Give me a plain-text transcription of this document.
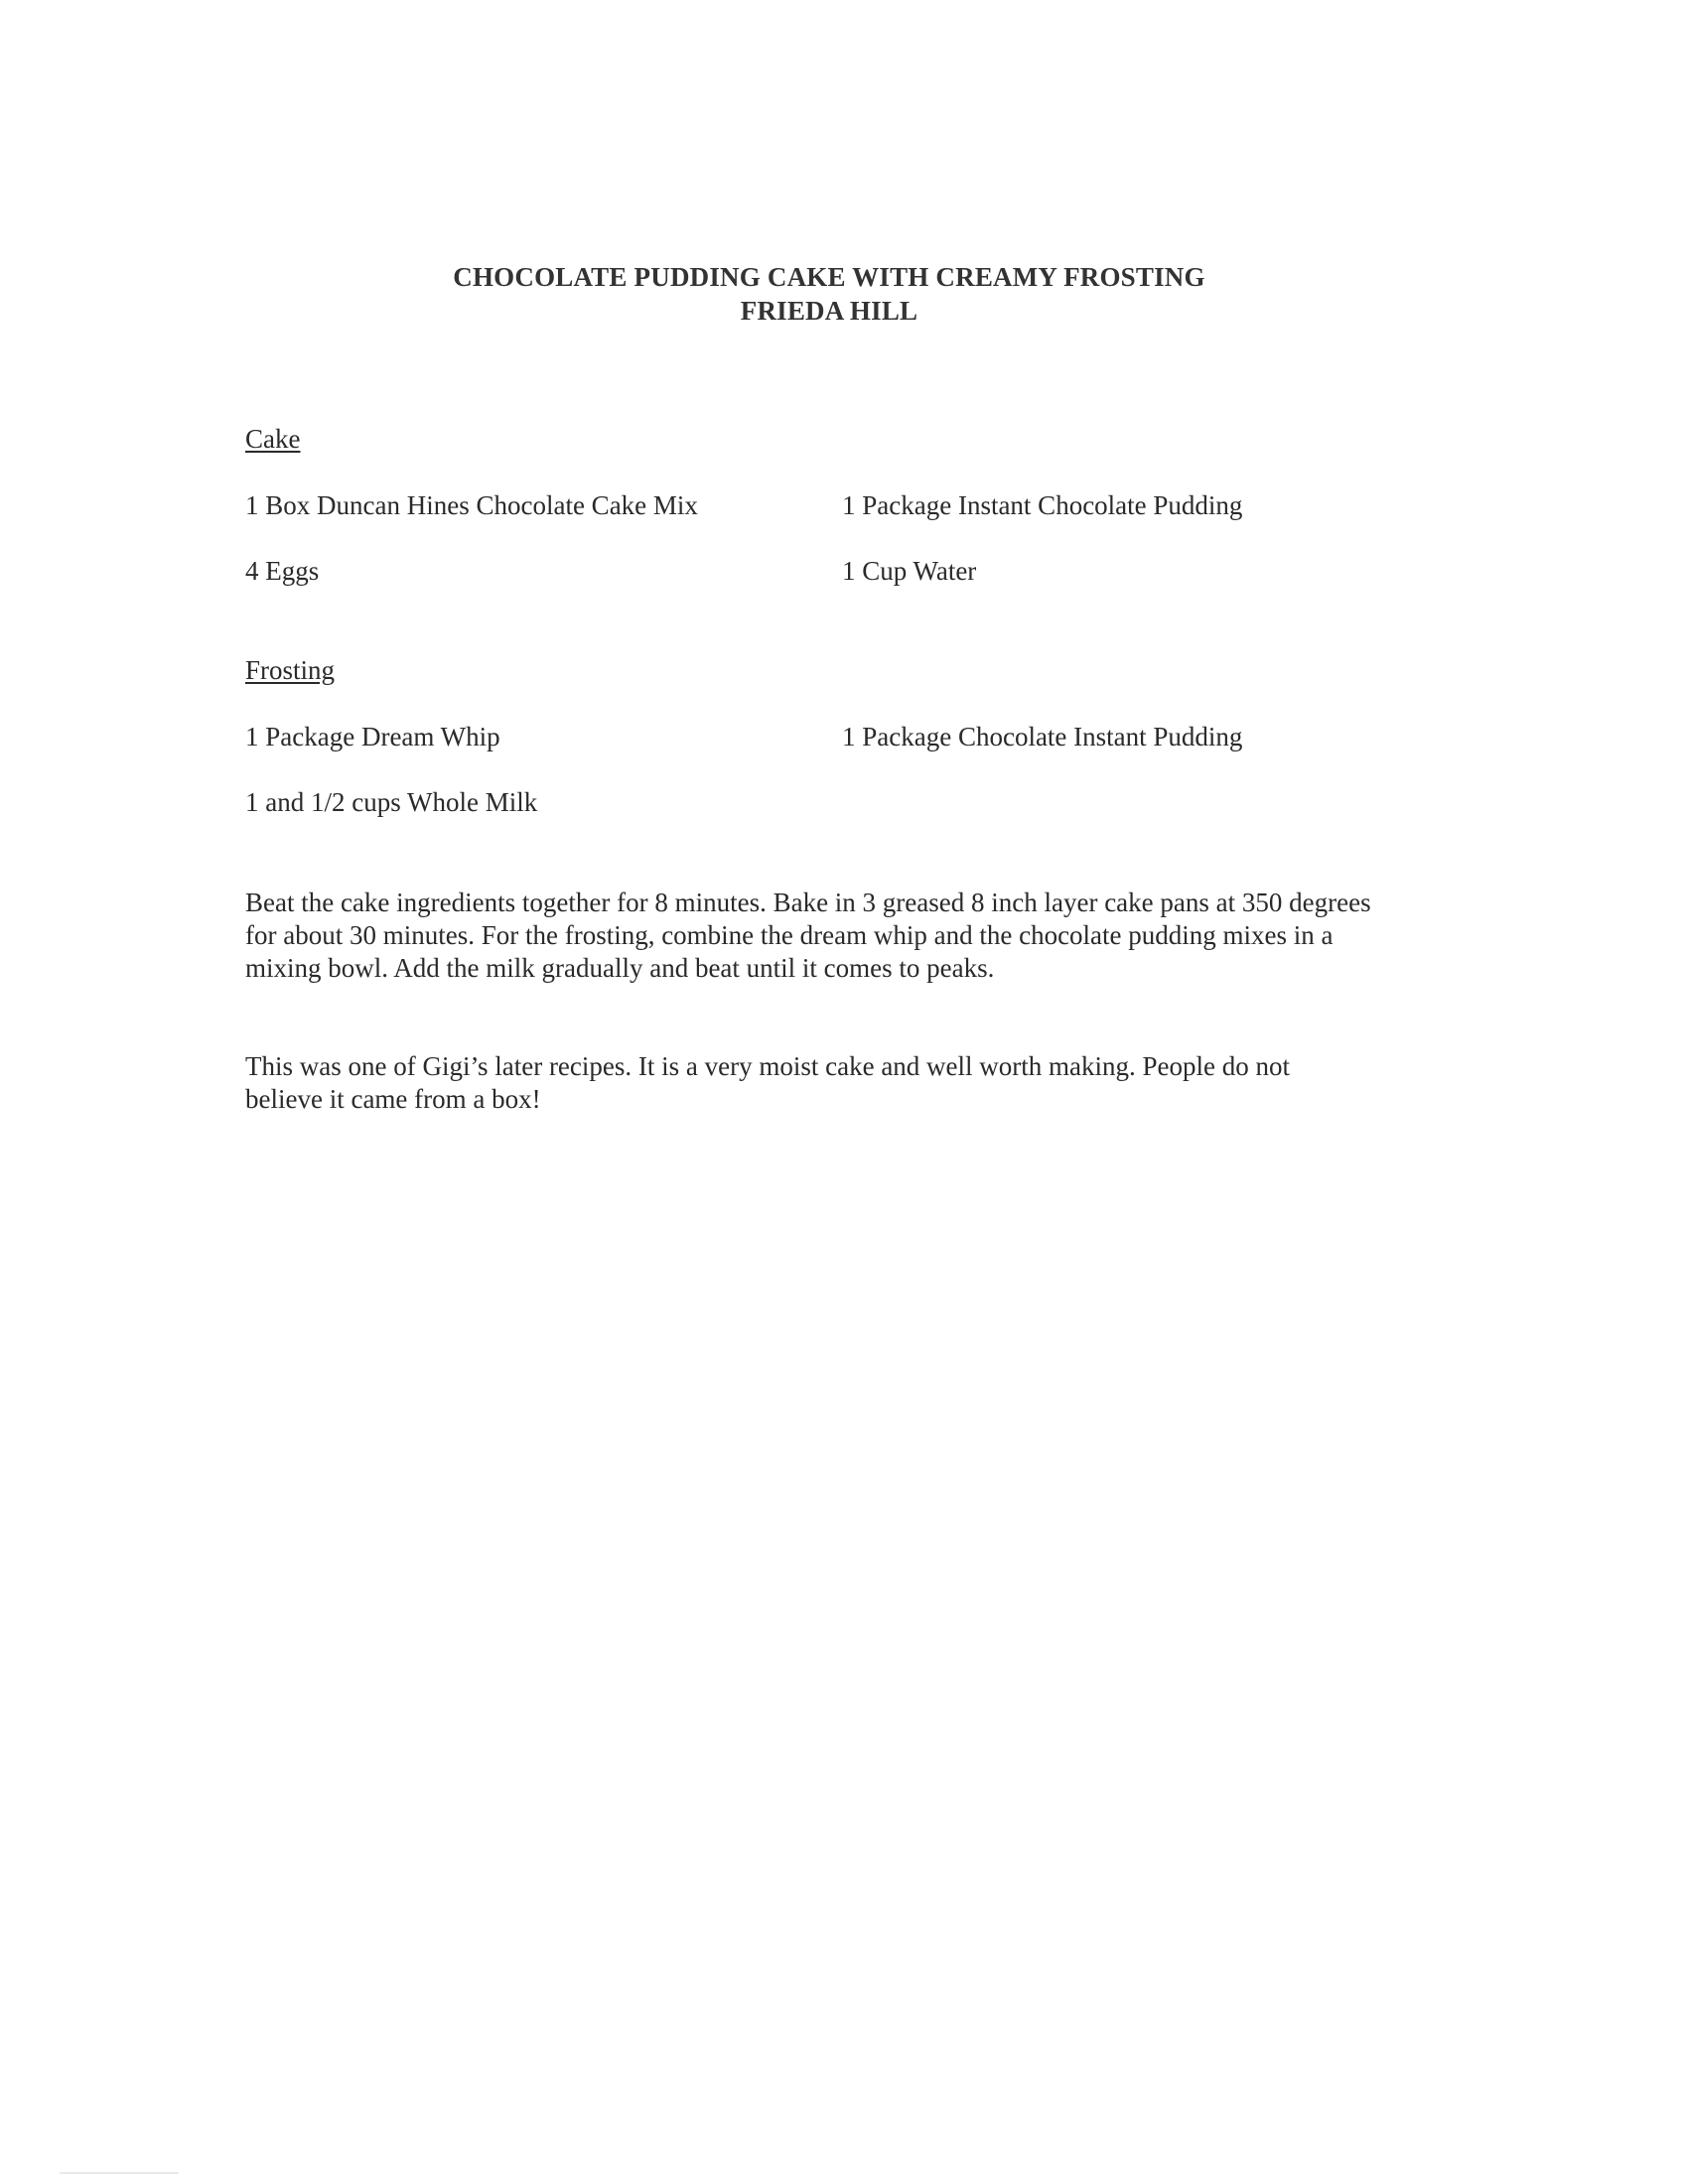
CHOCOLATE PUDDING CAKE WITH CREAMY FROSTING
FRIEDA HILL
Cake
1 Box Duncan Hines Chocolate Cake Mix	1 Package Instant Chocolate Pudding
4 Eggs	1 Cup Water
Frosting
1 Package Dream Whip	1 Package Chocolate Instant Pudding
1 and 1/2 cups Whole Milk
Beat the cake ingredients together for 8 minutes. Bake in 3 greased 8 inch layer cake pans at 350 degrees
for about 30 minutes. For the frosting, combine the dream whip and the chocolate pudding mixes in a
mixing bowl. Add the milk gradually and beat until it comes to peaks.
This was one of Gigi’s later recipes. It is a very moist cake and well worth making. People do not
believe it came from a box!
